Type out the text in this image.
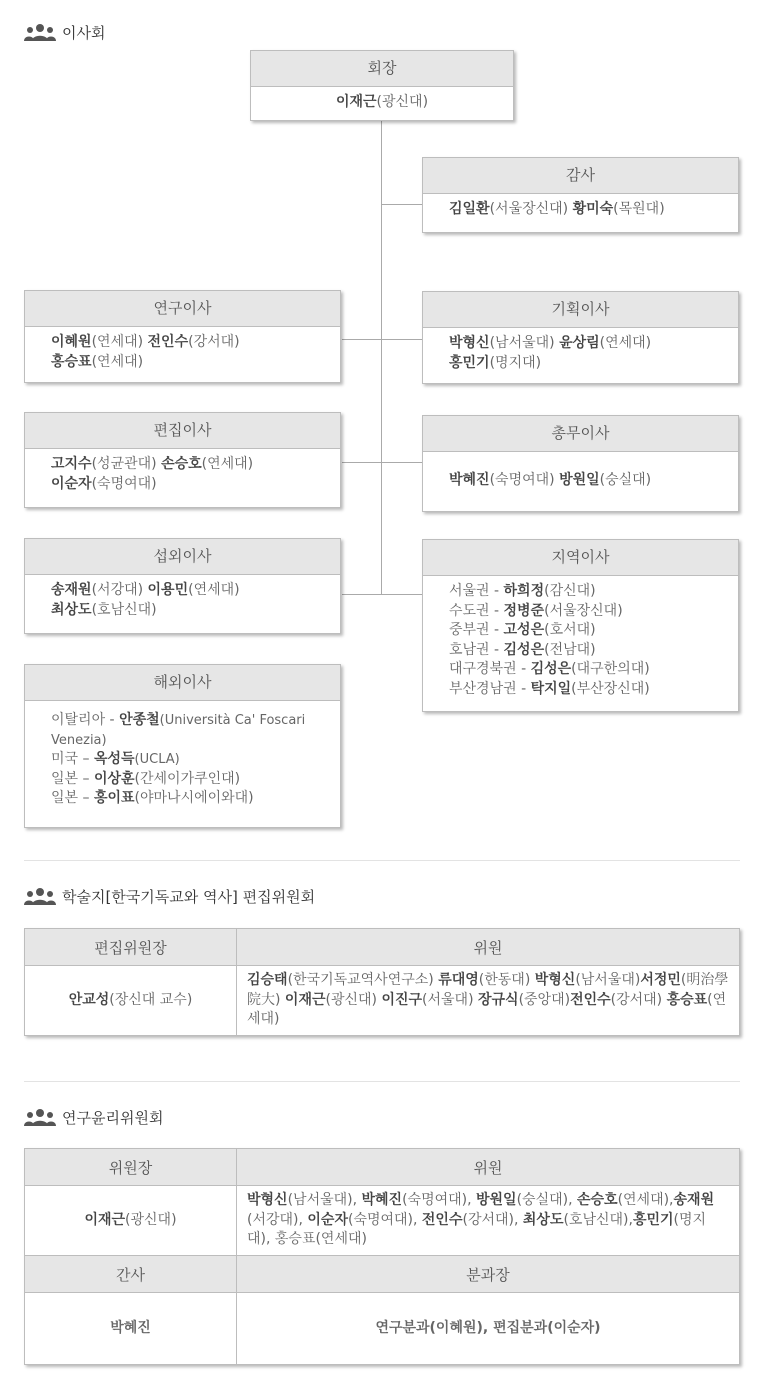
이사회
회장
이재근(광신대)
감사
김일환(서울장신대) 황미숙(목원대)
연구이사
이혜원(연세대) 전인수(강서대)
홍승표(연세대)
기획이사
박형신(남서울대) 윤상림(연세대)
홍민기(명지대)
편집이사
고지수(성균관대) 손승호(연세대)
이순자(숙명여대)
총무이사
박혜진(숙명여대) 방원일(숭실대)
섭외이사
송재원(서강대) 이용민(연세대)
최상도(호남신대)
지역이사
서울권 - 하희정(감신대)
수도권 - 정병준(서울장신대)
중부권 - 고성은(호서대)
호남권 - 김성은(전남대)
대구경북권 - 김성은(대구한의대)
부산경남권 - 탁지일(부산장신대)
해외이사
이탈리아 - 안종철(Università Ca' Foscari Venezia)
미국 – 옥성득(UCLA)
일본 – 이상훈(간세이가쿠인대)
일본 – 홍이표(야마나시에이와대)
학술지[한국기독교와 역사] 편집위원회
편집위원장	위원
안교성(장신대 교수)	김승태(한국기독교역사연구소) 류대영(한동대) 박형신(남서울대)서정민(明治學院大) 이재근(광신대) 이진구(서울대) 장규식(중앙대)전인수(강서대) 홍승표(연세대)
연구윤리위원회
위원장	위원
이재근(광신대)	박형신(남서울대), 박혜진(숙명여대), 방원일(숭실대), 손승호(연세대),송재원(서강대), 이순자(숙명여대), 전인수(강서대), 최상도(호남신대),홍민기(명지대), 홍승표(연세대)
간사	분과장
박혜진	연구분과(이혜원), 편집분과(이순자)
